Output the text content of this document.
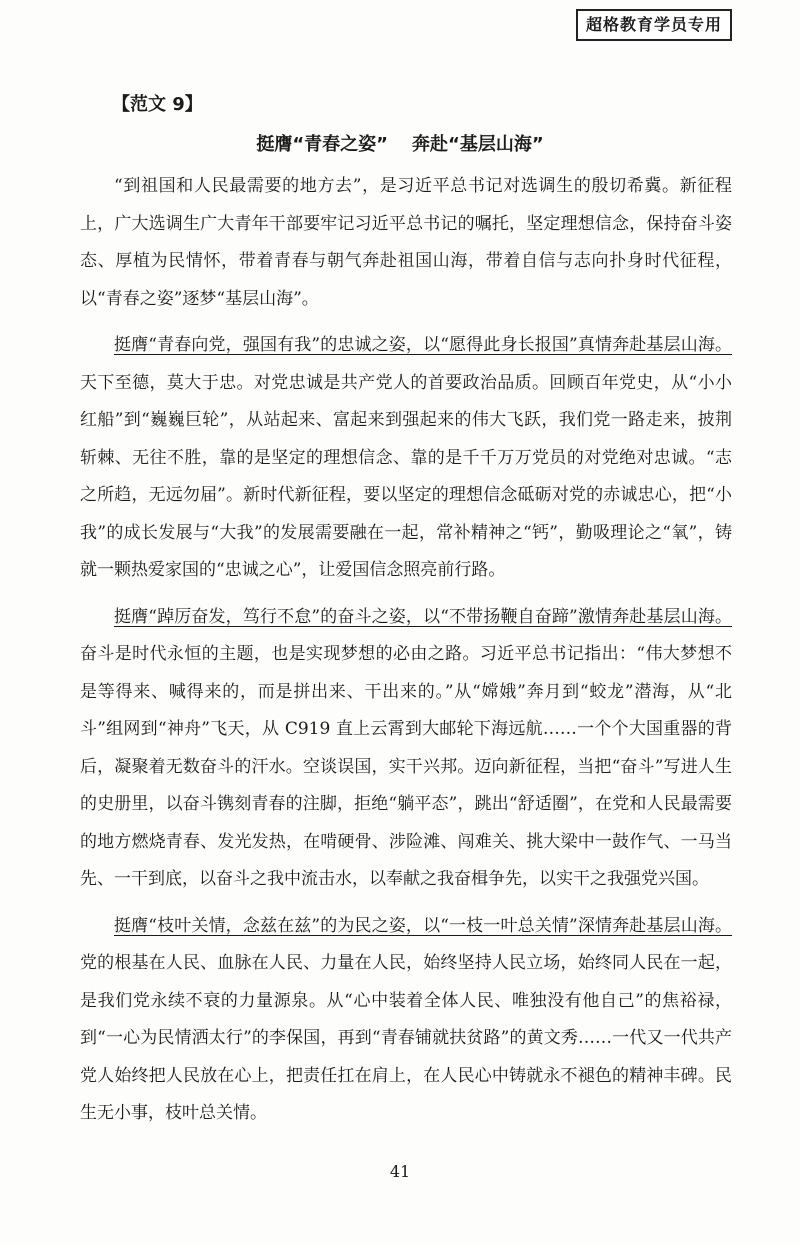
超格教育学员专用
【范文 9】
挺膺“青春之姿” 奔赴“基层山海”

“到祖国和人民最需要的地方去”，是习近平总书记对选调生的殷切希冀。新征程上，广大选调生广大青年干部要牢记习近平总书记的嘱托，坚定理想信念，保持奋斗姿态、厚植为民情怀，带着青春与朝气奔赴祖国山海，带着自信与志向扑身时代征程，以“青春之姿”逐梦“基层山海”。

挺膺“青春向党，强国有我”的忠诚之姿，以“愿得此身长报国”真情奔赴基层山海。天下至德，莫大于忠。对党忠诚是共产党人的首要政治品质。回顾百年党史，从“小小红船”到“巍巍巨轮”，从站起来、富起来到强起来的伟大飞跃，我们党一路走来，披荆斩棘、无往不胜，靠的是坚定的理想信念、靠的是千千万万党员的对党绝对忠诚。“志之所趋，无远勿届”。新时代新征程，要以坚定的理想信念砥砺对党的赤诚忠心，把“小我”的成长发展与“大我”的发展需要融在一起，常补精神之“钙”，勤吸理论之“氧”，铸就一颗热爱家国的“忠诚之心”，让爱国信念照亮前行路。

挺膺“踔厉奋发，笃行不怠”的奋斗之姿，以“不带扬鞭自奋蹄”激情奔赴基层山海。奋斗是时代永恒的主题，也是实现梦想的必由之路。习近平总书记指出：“伟大梦想不是等得来、喊得来的，而是拼出来、干出来的。”从“嫦娥”奔月到“蛟龙”潜海，从“北斗”组网到“神舟”飞天，从 C919 直上云霄到大邮轮下海远航……一个个大国重器的背后，凝聚着无数奋斗的汗水。空谈误国，实干兴邦。迈向新征程，当把“奋斗”写进人生的史册里，以奋斗镌刻青春的注脚，拒绝“躺平态”，跳出“舒适圈”，在党和人民最需要的地方燃烧青春、发光发热，在啃硬骨、涉险滩、闯难关、挑大梁中一鼓作气、一马当先、一干到底，以奋斗之我中流击水，以奉献之我奋楫争先，以实干之我强党兴国。

挺膺“枝叶关情，念兹在兹”的为民之姿，以“一枝一叶总关情”深情奔赴基层山海。党的根基在人民、血脉在人民、力量在人民，始终坚持人民立场，始终同人民在一起，是我们党永续不衰的力量源泉。从“心中装着全体人民、唯独没有他自己”的焦裕禄，到“一心为民情洒太行”的李保国，再到“青春铺就扶贫路”的黄文秀……一代又一代共产党人始终把人民放在心上，把责任扛在肩上，在人民心中铸就永不褪色的精神丰碑。民生无小事，枝叶总关情。

41
